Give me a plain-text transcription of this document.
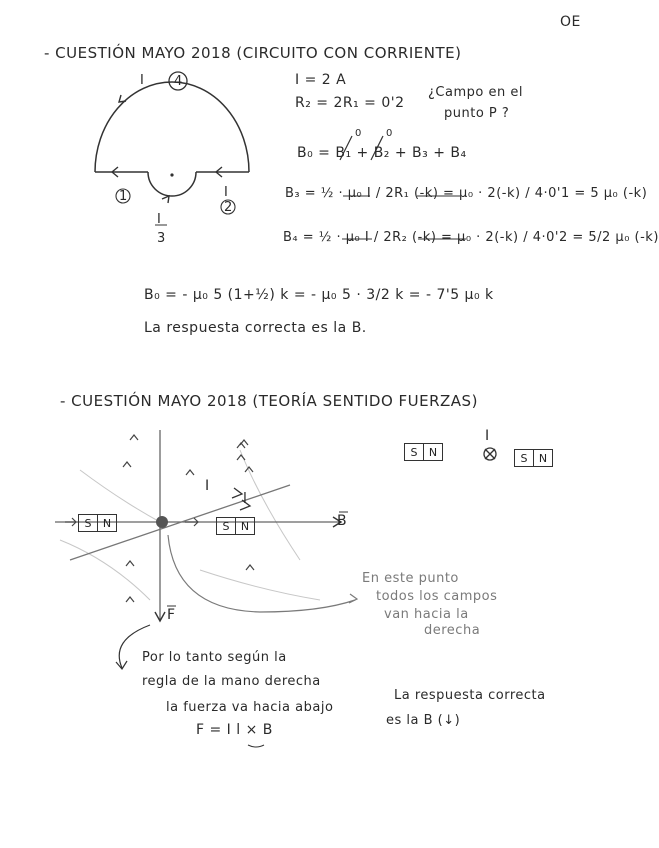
OE
- CUESTIÓN MAYO 2018 (CIRCUITO CON CORRIENTE)
I 4
1	I
2
I
3
I = 2 A
R₂ = 2R₁ = 0'2
¿Campo en el
punto P ?
B₀ = B₁ + B₂ + B₃ + B₄
0 0
B₃ = ½ · μ₀ I / 2R₁ (-k) = μ₀ · 2(-k) / 4·0'1 = 5 μ₀ (-k)
B₄ = ½ · μ₀ I / 2R₂ (-k) = μ₀ · 2(-k) / 4·0'2 = 5/2 μ₀ (-k)
B₀ = - μ₀ 5 (1+½) k = - μ₀ 5 · 3/2 k = - 7'5 μ₀ k
La respuesta correcta es la B.
- CUESTIÓN MAYO 2018 (TEORÍA SENTIDO FUERZAS)
S	N	S	N
S	N	S	N
I
l
B
F
I
En este punto
todos los campos
van hacia la
derecha
Por lo tanto según la
regla de la mano derecha
la fuerza va hacia abajo
F = I l × B
La respuesta correcta
es la B (↓)
